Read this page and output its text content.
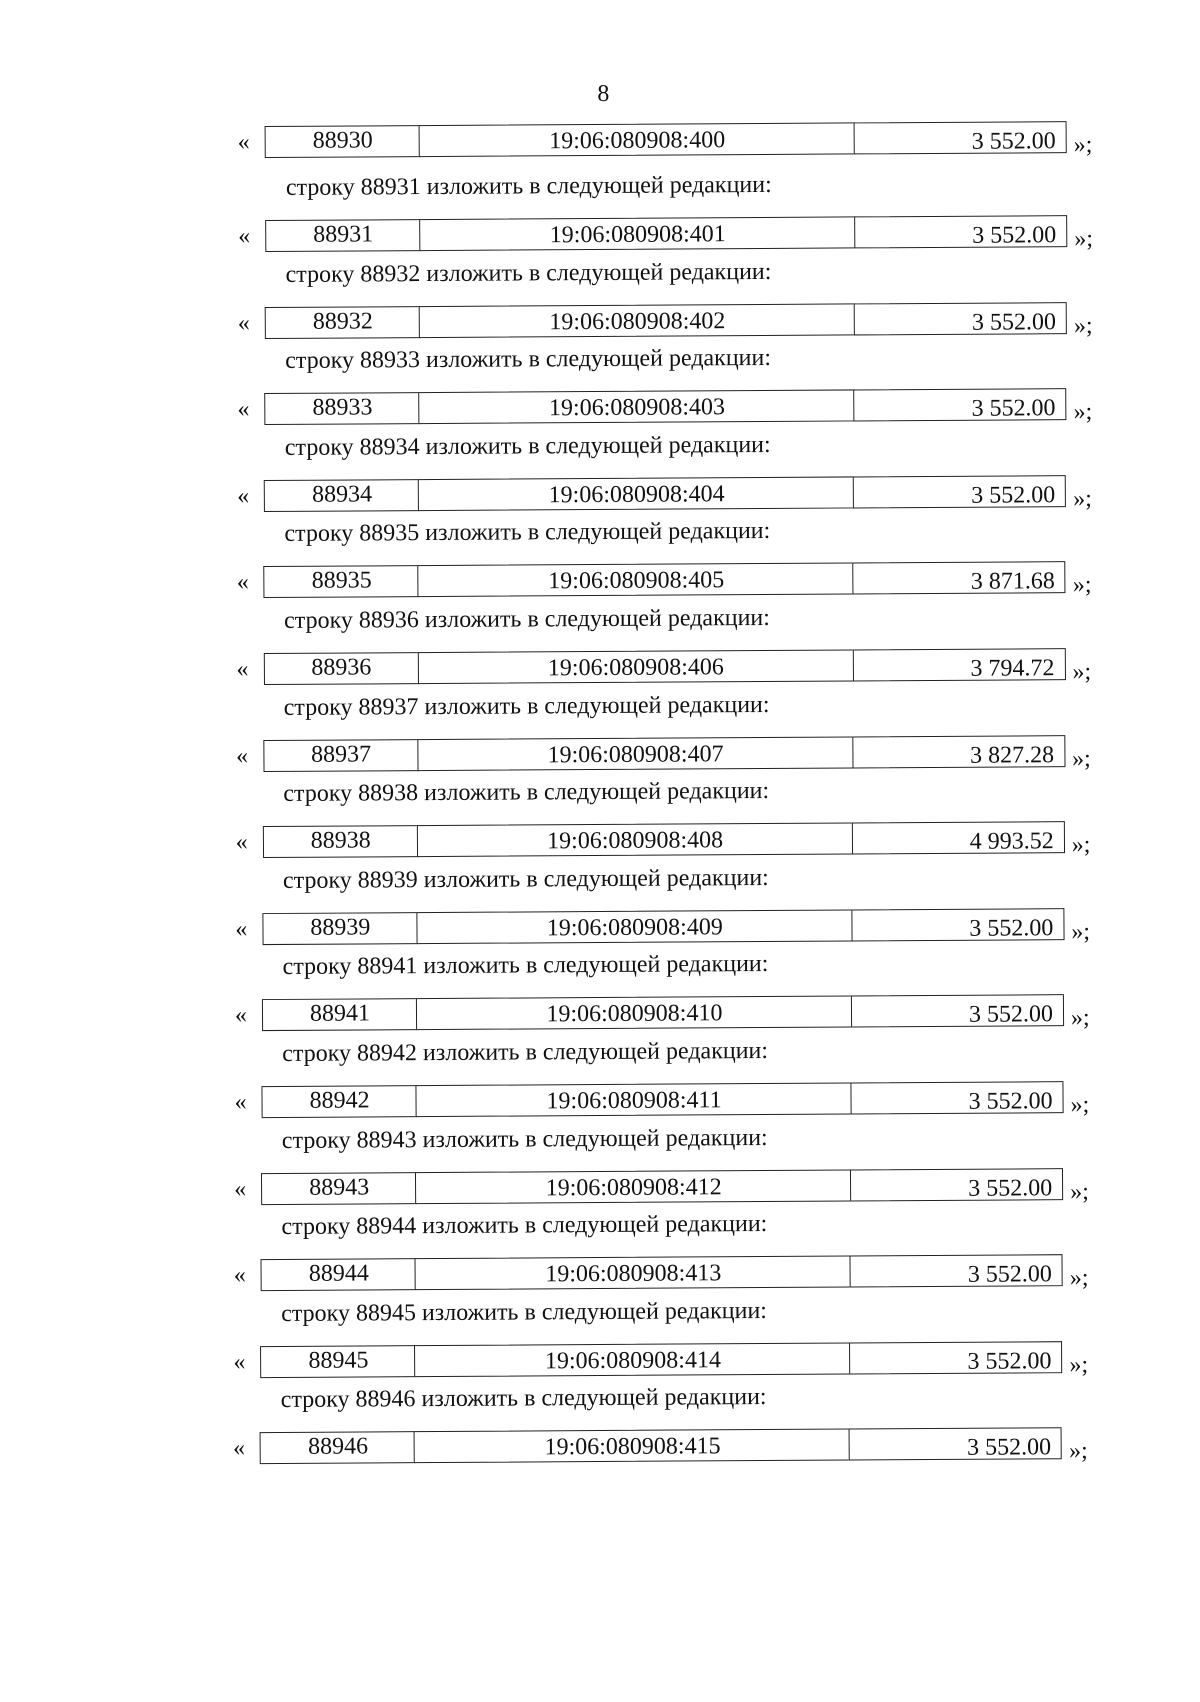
8
«	88930	19:06:080908:400	3 552.00 »;
строку 88931 изложить в следующей редакции:
«	88931	19:06:080908:401	3 552.00 »;
строку 88932 изложить в следующей редакции:
«	88932	19:06:080908:402	3 552.00 »;
строку 88933 изложить в следующей редакции:
«	88933	19:06:080908:403	3 552.00 »;
строку 88934 изложить в следующей редакции:
«	88934	19:06:080908:404	3 552.00 »;
строку 88935 изложить в следующей редакции:
«	88935	19:06:080908:405	3 871.68 »;
строку 88936 изложить в следующей редакции:
«	88936	19:06:080908:406	3 794.72 »;
строку 88937 изложить в следующей редакции:
«	88937	19:06:080908:407	3 827.28 »;
строку 88938 изложить в следующей редакции:
«	88938	19:06:080908:408	4 993.52 »;
строку 88939 изложить в следующей редакции:
«	88939	19:06:080908:409	3 552.00 »;
строку 88941 изложить в следующей редакции:
«	88941	19:06:080908:410	3 552.00 »;
строку 88942 изложить в следующей редакции:
«	88942	19:06:080908:411	3 552.00 »;
строку 88943 изложить в следующей редакции:
«	88943	19:06:080908:412	3 552.00 »;
строку 88944 изложить в следующей редакции:
«	88944	19:06:080908:413	3 552.00 »;
строку 88945 изложить в следующей редакции:
«	88945	19:06:080908:414	3 552.00 »;
строку 88946 изложить в следующей редакции:
«	88946	19:06:080908:415	3 552.00 »;
